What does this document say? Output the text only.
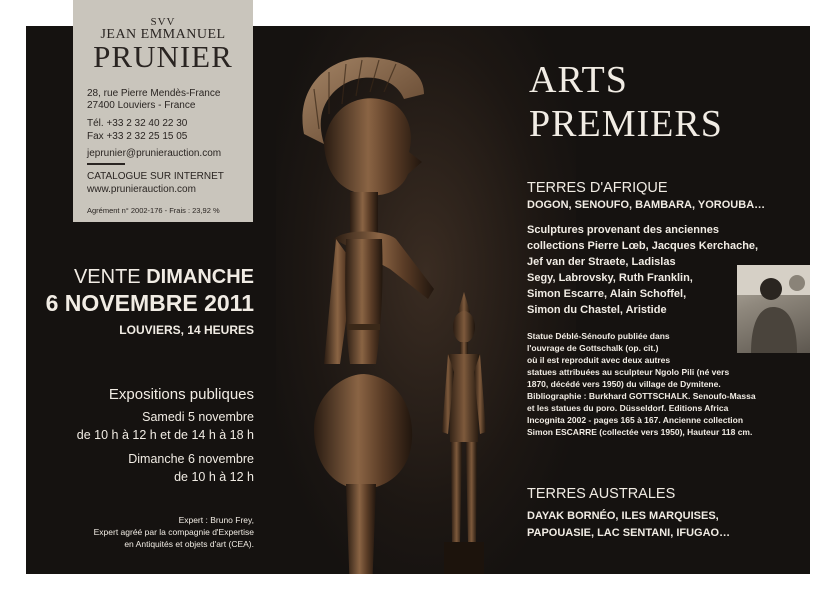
SVV
JEAN EMMANUEL
PRUNIER
28, rue Pierre Mendès-France
27400 Louviers - France
Tél. +33 2 32 40 22 30
Fax +33 2 32 25 15 05
jeprunier@prunierauction.com
CATALOGUE SUR INTERNET
www.prunierauction.com
Agrément n° 2002-176 - Frais : 23,92 %
VENTE DIMANCHE
6 NOVEMBRE 2011
LOUVIERS, 14 HEURES
Expositions publiques
Samedi 5 novembre
de 10 h à 12 h et de 14 h à 18 h
Dimanche 6 novembre
de 10 h à 12 h
Expert : Bruno Frey,
Expert agréé par la compagnie d'Expertise
en Antiquités et objets d'art (CEA).
ARTS
PREMIERS
TERRES D'AFRIQUE
DOGON, SENOUFO, BAMBARA, YOROUBA…
Sculptures provenant des anciennes
collections Pierre Lœb, Jacques Kerchache,
Jef van der Straete, Ladislas
Segy, Labrovsky, Ruth Franklin,
Simon Escarre, Alain Schoffel,
Simon du Chastel, Aristide
Statue Déblé-Sénoufo publiée dans
l'ouvrage de Gottschalk (op. cit.)
où il est reproduit avec deux autres
statues attribuées au sculpteur Ngolo Pili (né vers
1870, décédé vers 1950) du village de Dymitene.
Bibliographie : Burkhard GOTTSCHALK. Senoufo-Massa
et les statues du poro. Düsseldorf. Editions Africa
Incognita 2002 - pages 165 à 167. Ancienne collection
Simon ESCARRE (collectée vers 1950), Hauteur 118 cm.
TERRES AUSTRALES
DAYAK BORNÉO, ILES MARQUISES,
PAPOUASIE, LAC SENTANI, IFUGAO…
